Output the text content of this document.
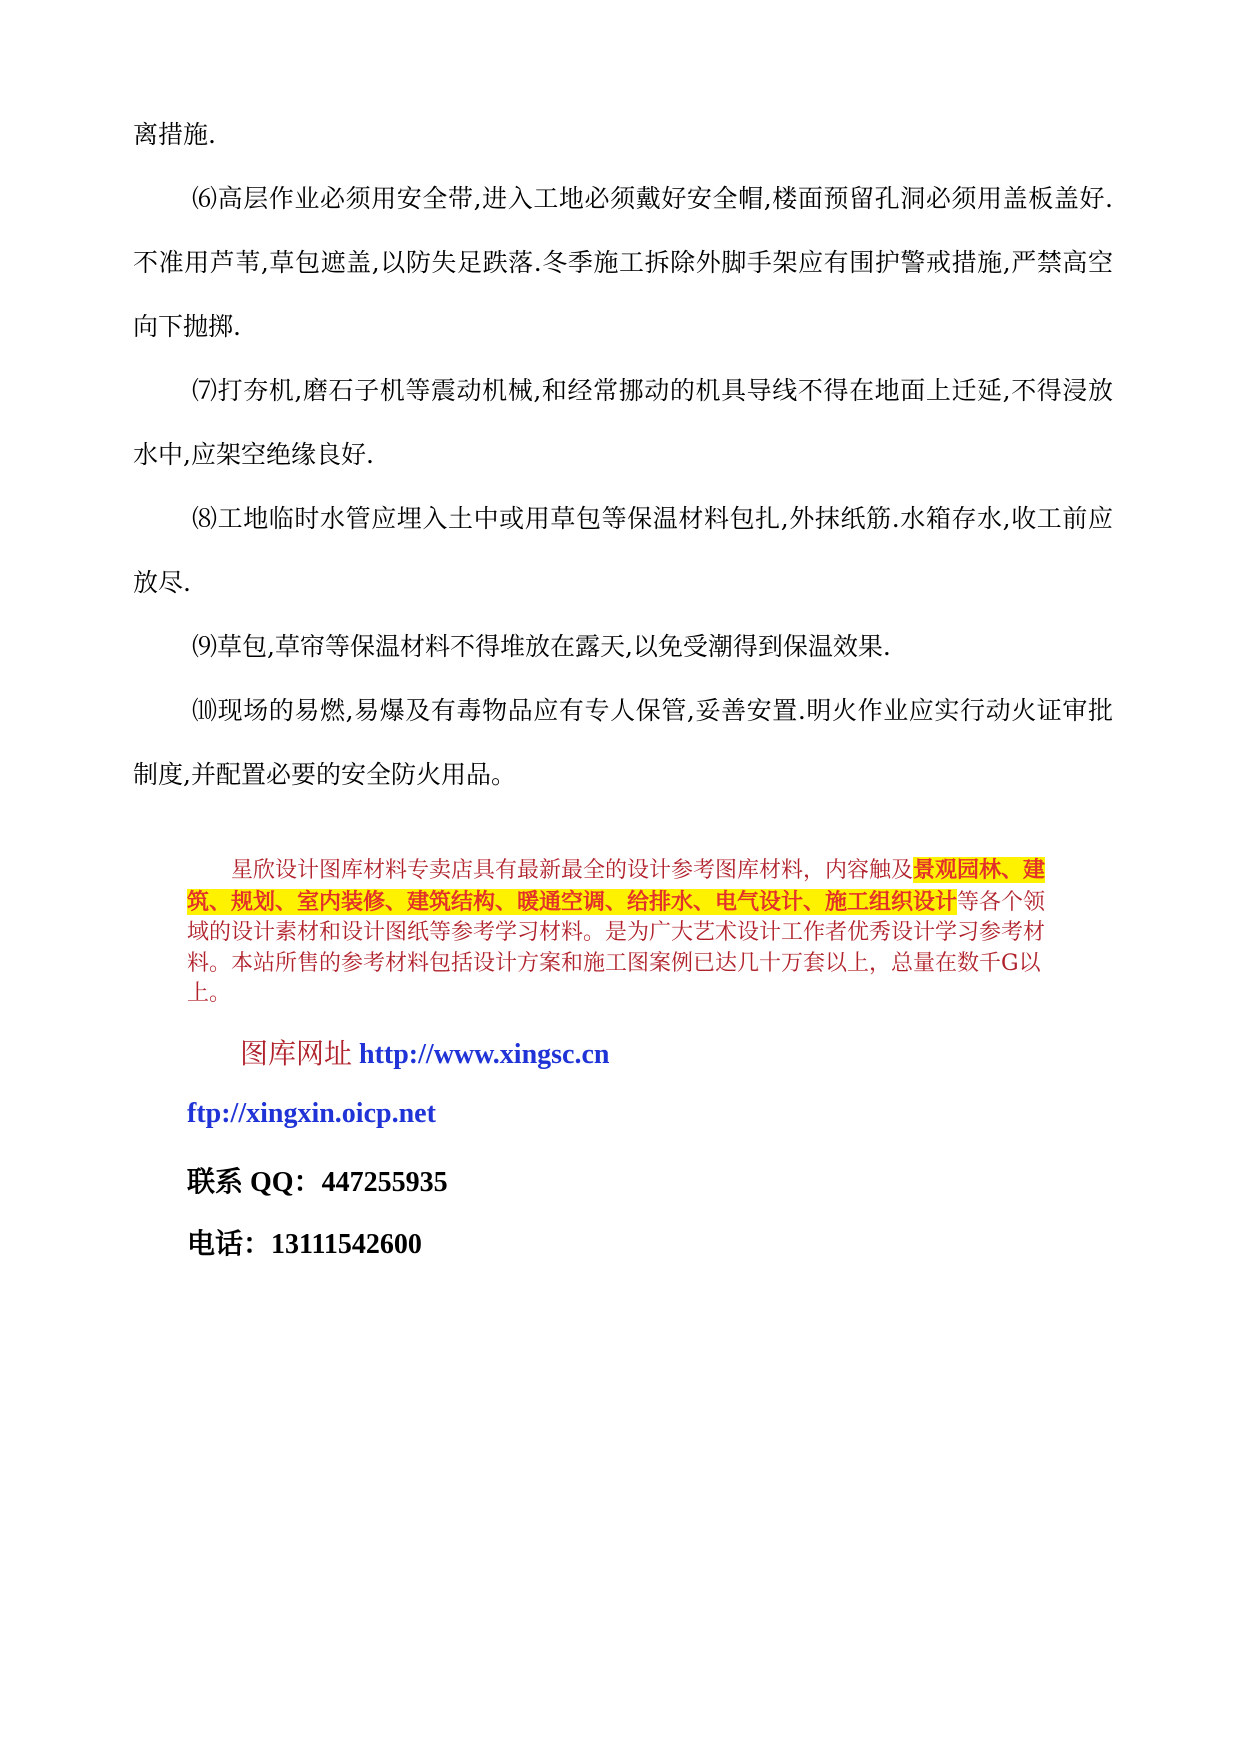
离措施.

⑹高层作业必须用安全带,进入工地必须戴好安全帽,楼面预留孔洞必须用盖板盖好.不准用芦苇,草包遮盖,以防失足跌落.冬季施工拆除外脚手架应有围护警戒措施,严禁高空向下抛掷.

⑺打夯机,磨石子机等震动机械,和经常挪动的机具导线不得在地面上迁延,不得浸放水中,应架空绝缘良好.

⑻工地临时水管应埋入土中或用草包等保温材料包扎,外抹纸筋.水箱存水,收工前应放尽.

⑼草包,草帘等保温材料不得堆放在露天,以免受潮得到保温效果.

⑽现场的易燃,易爆及有毒物品应有专人保管,妥善安置.明火作业应实行动火证审批制度,并配置必要的安全防火用品。

星欣设计图库材料专卖店具有最新最全的设计参考图库材料，内容触及景观园林、建筑、规划、室内装修、建筑结构、暖通空调、给排水、电气设计、施工组织设计等各个领域的设计素材和设计图纸等参考学习材料。是为广大艺术设计工作者优秀设计学习参考材料。本站所售的参考材料包括设计方案和施工图案例已达几十万套以上，总量在数千G以上。
图库网址 http://www.xingsc.cn
ftp://xingxin.oicp.net
联系 QQ：447255935
电话：13111542600
